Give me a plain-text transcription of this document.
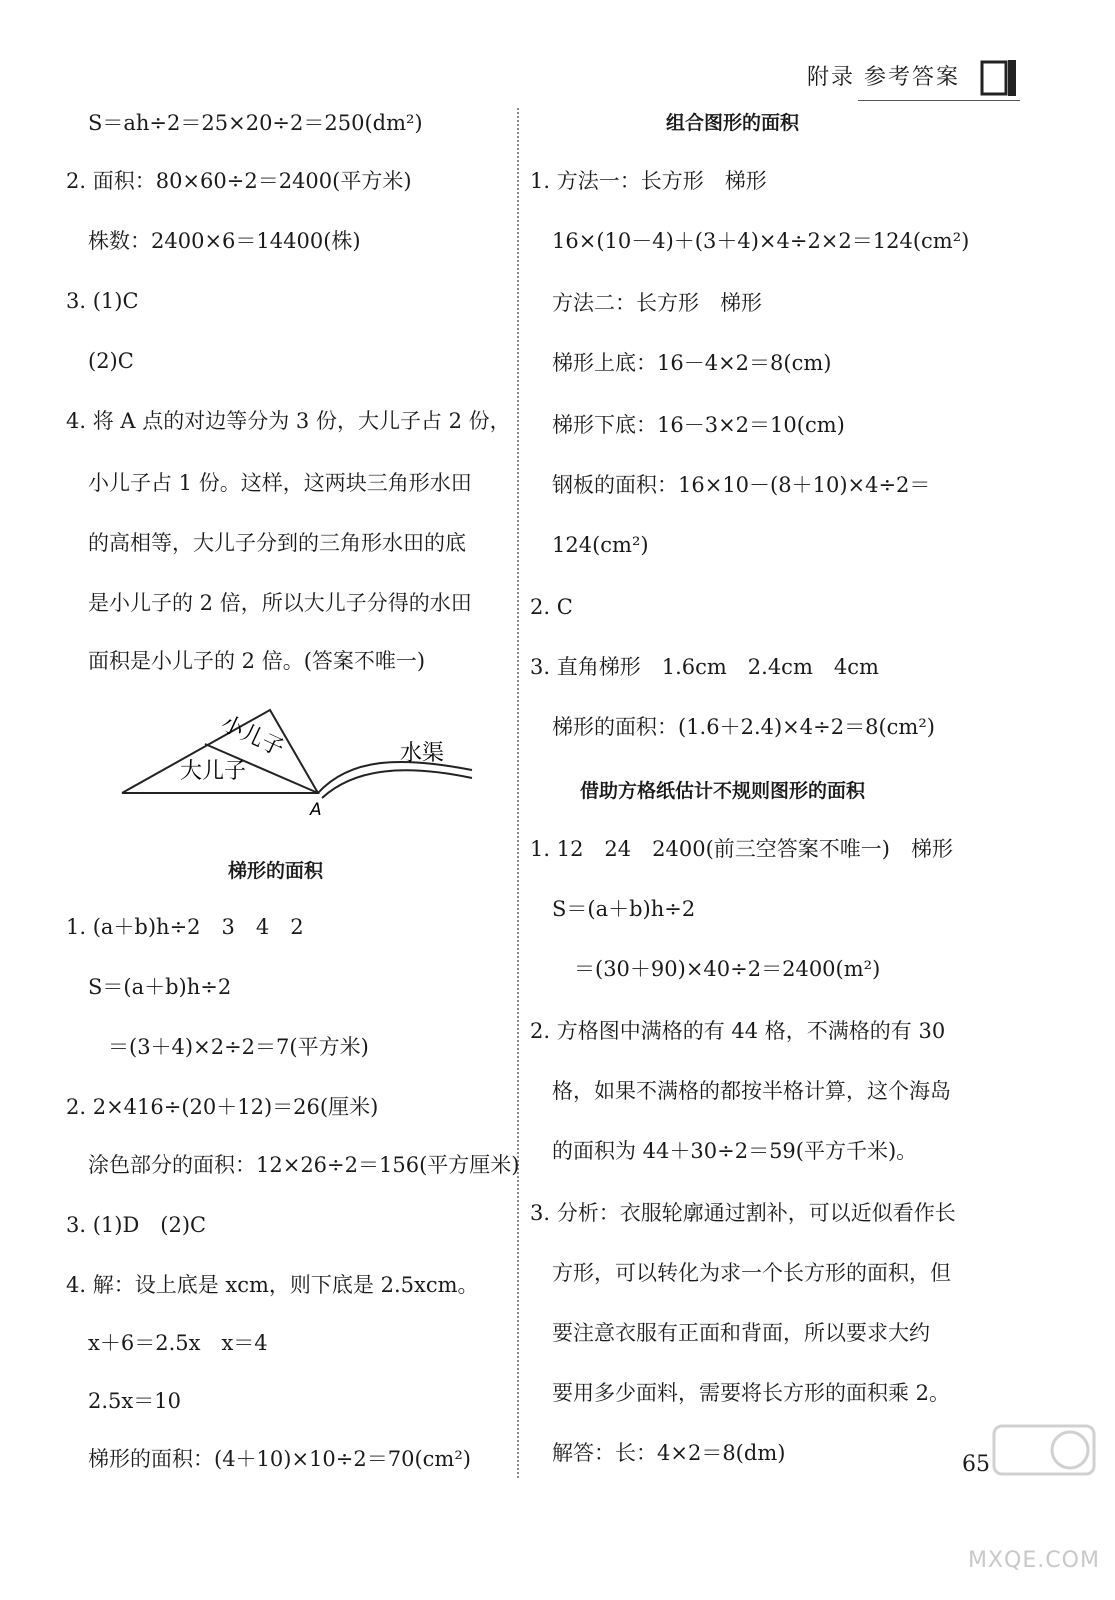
附录 参考答案
S＝ah÷2＝25×20÷2＝250(dm²)
2. 面积：80×60÷2＝2400(平方米)
株数：2400×6＝14400(株)
3. (1)C
(2)C
4. 将 A 点的对边等分为 3 份，大儿子占 2 份，
小儿子占 1 份。这样，这两块三角形水田
的高相等，大儿子分到的三角形水田的底
是小儿子的 2 倍，所以大儿子分得的水田
面积是小儿子的 2 倍。(答案不唯一)
梯形的面积
1. (a＋b)h÷2　3　4　2
S＝(a＋b)h÷2
＝(3＋4)×2÷2＝7(平方米)
2. 2×416÷(20＋12)＝26(厘米)
涂色部分的面积：12×26÷2＝156(平方厘米)
3. (1)D　(2)C
4. 解：设上底是 xcm，则下底是 2.5xcm。
x＋6＝2.5x　x＝4
2.5x＝10
梯形的面积：(4＋10)×10÷2＝70(cm²)
组合图形的面积
1. 方法一：长方形　梯形
16×(10－4)＋(3＋4)×4÷2×2＝124(cm²)
方法二：长方形　梯形
梯形上底：16－4×2＝8(cm)
梯形下底：16－3×2＝10(cm)
钢板的面积：16×10－(8＋10)×4÷2＝
124(cm²)
2. C
3. 直角梯形　1.6cm　2.4cm　4cm
梯形的面积：(1.6＋2.4)×4÷2＝8(cm²)
借助方格纸估计不规则图形的面积
1. 12　24　2400(前三空答案不唯一)　梯形
S＝(a＋b)h÷2
＝(30＋90)×40÷2＝2400(m²)
2. 方格图中满格的有 44 格，不满格的有 30
格，如果不满格的都按半格计算，这个海岛
的面积为 44＋30÷2＝59(平方千米)。
3. 分析：衣服轮廓通过割补，可以近似看作长
方形，可以转化为求一个长方形的面积，但
要注意衣服有正面和背面，所以要求大约
要用多少面料，需要将长方形的面积乘 2。
解答：长：4×2＝8(dm)
小儿子
大儿子
水渠
A
65
MXQE.COM
